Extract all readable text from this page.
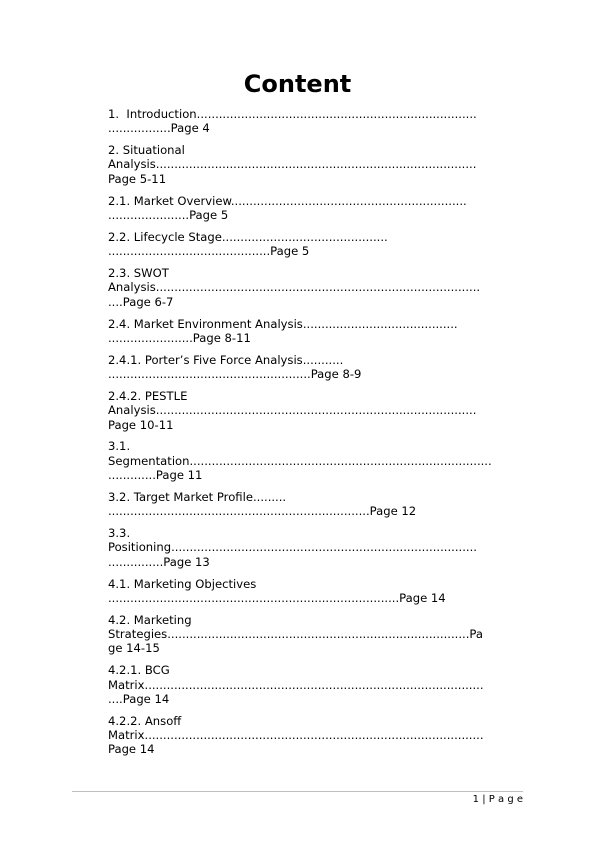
Content
1.  Introduction............................................................................
.................Page 4
2. Situational
Analysis.......................................................................................
Page 5-11
2.1. Market Overview................................................................
......................Page 5
2.2. Lifecycle Stage.............................................
............................................Page 5
2.3. SWOT
Analysis........................................................................................
....Page 6-7
2.4. Market Environment Analysis..........................................
.......................Page 8-11
2.4.1. Porter’s Five Force Analysis...........
.......................................................Page 8-9
2.4.2. PESTLE
Analysis.......................................................................................
Page 10-11
3.1.
Segmentation..................................................................................
.............Page 11
3.2. Target Market Profile.........
.......................................................................Page 12
3.3.
Positioning...................................................................................
...............Page 13
4.1. Marketing Objectives
...............................................................................Page 14
4.2. Marketing
Strategies..................................................................................Pa
ge 14-15
4.2.1. BCG
Matrix............................................................................................
....Page 14
4.2.2. Ansoff
Matrix............................................................................................
Page 14
1 | P a g e
